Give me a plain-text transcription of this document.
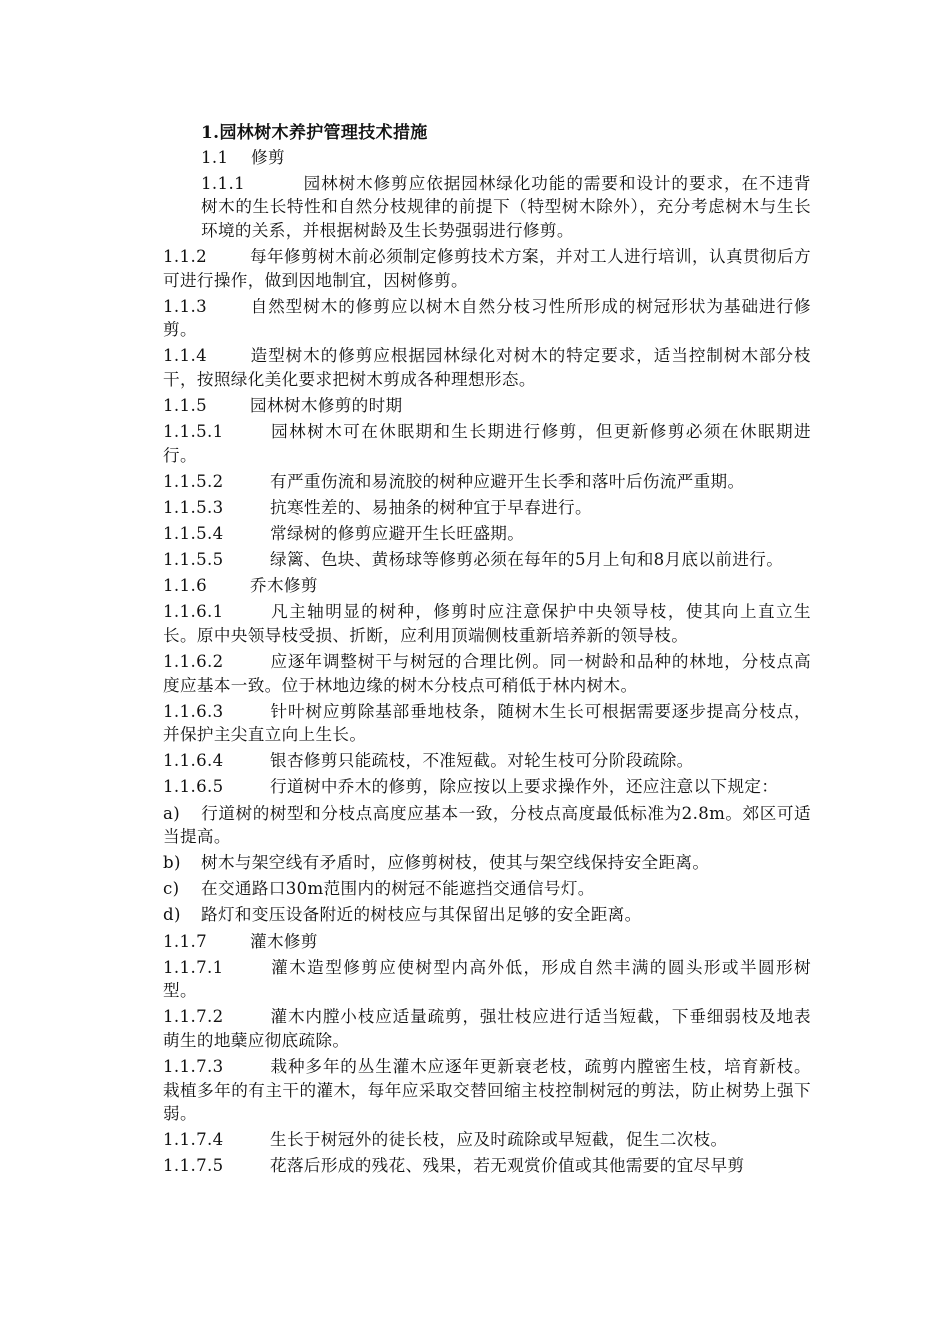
1.园林树木养护管理技术措施
1.1 修剪
1.1.1	园林树木修剪应依据园林绿化功能的需要和设计的要求，在不违背树木的生长特性和自然分枝规律的前提下（特型树木除外），充分考虑树木与生长环境的关系，并根据树龄及生长势强弱进行修剪。
1.1.2	每年修剪树木前必须制定修剪技术方案，并对工人进行培训，认真贯彻后方可进行操作，做到因地制宜，因树修剪。
1.1.3	自然型树木的修剪应以树木自然分枝习性所形成的树冠形状为基础进行修剪。
1.1.4	造型树木的修剪应根据园林绿化对树木的特定要求，适当控制树木部分枝干，按照绿化美化要求把树木剪成各种理想形态。
1.1.5	园林树木修剪的时期
1.1.5.1	园林树木可在休眠期和生长期进行修剪，但更新修剪必须在休眠期进行。
1.1.5.2	有严重伤流和易流胶的树种应避开生长季和落叶后伤流严重期。
1.1.5.3	抗寒性差的、易抽条的树种宜于早春进行。
1.1.5.4	常绿树的修剪应避开生长旺盛期。
1.1.5.5	绿篱、色块、黄杨球等修剪必须在每年的5月上旬和8月底以前进行。
1.1.6	乔木修剪
1.1.6.1	凡主轴明显的树种，修剪时应注意保护中央领导枝，使其向上直立生长。原中央领导枝受损、折断，应利用顶端侧枝重新培养新的领导枝。
1.1.6.2	应逐年调整树干与树冠的合理比例。同一树龄和品种的林地，分枝点高度应基本一致。位于林地边缘的树木分枝点可稍低于林内树木。
1.1.6.3	针叶树应剪除基部垂地枝条，随树木生长可根据需要逐步提高分枝点，并保护主尖直立向上生长。
1.1.6.4	银杏修剪只能疏枝，不准短截。对轮生枝可分阶段疏除。
1.1.6.5	行道树中乔木的修剪，除应按以上要求操作外，还应注意以下规定：
a) 行道树的树型和分枝点高度应基本一致，分枝点高度最低标准为2.8m。郊区可适当提高。
b) 树木与架空线有矛盾时，应修剪树枝，使其与架空线保持安全距离。
c) 在交通路口30m范围内的树冠不能遮挡交通信号灯。
d) 路灯和变压设备附近的树枝应与其保留出足够的安全距离。
1.1.7	灌木修剪
1.1.7.1	灌木造型修剪应使树型内高外低，形成自然丰满的圆头形或半圆形树型。
1.1.7.2	灌木内膛小枝应适量疏剪，强壮枝应进行适当短截，下垂细弱枝及地表萌生的地蘖应彻底疏除。
1.1.7.3	栽种多年的丛生灌木应逐年更新衰老枝，疏剪内膛密生枝，培育新枝。栽植多年的有主干的灌木，每年应采取交替回缩主枝控制树冠的剪法，防止树势上强下弱。
1.1.7.4	生长于树冠外的徒长枝，应及时疏除或早短截，促生二次枝。
1.1.7.5	花落后形成的残花、残果，若无观赏价值或其他需要的宜尽早剪
